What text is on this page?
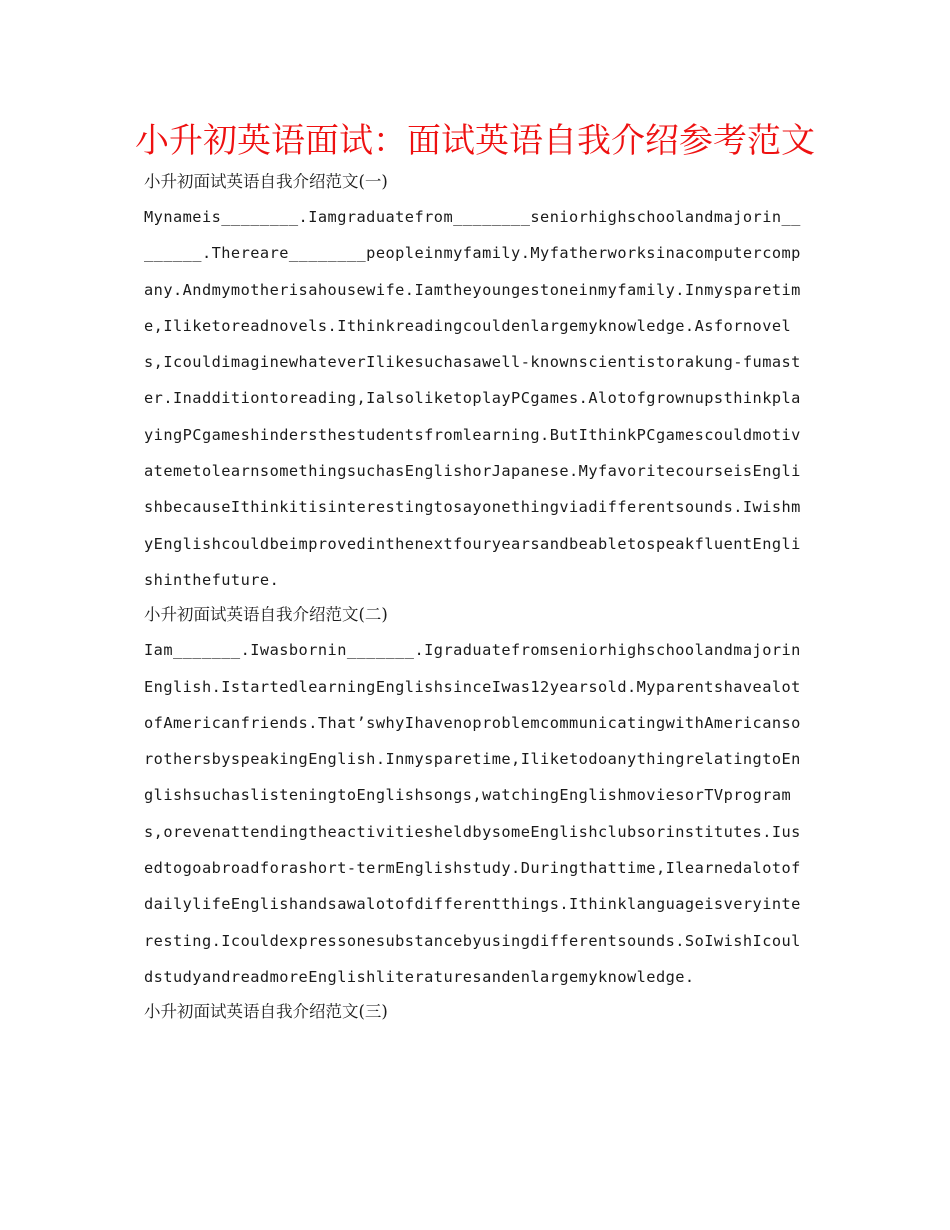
小升初英语面试：面试英语自我介绍参考范文
小升初面试英语自我介绍范文(一)
Mynameis________.Iamgraduatefrom________seniorhighschoolandmajorin________.Thereare________peopleinmyfamily.Myfatherworksinacomputercompany.Andmymotherisahousewife.Iamtheyoungestoneinmyfamily.Inmysparetime,Iliketoreadnovels.Ithinkreadingcouldenlargemyknowledge.Asfornovels,IcouldimaginewhateverIlikesuchasawell-knownscientistorakung-fumaster.Inadditiontoreading,IalsoliketoplayPCgames.AlotofgrownupsthinkplayingPCgameshindersthestudentsfromlearning.ButIthinkPCgamescouldmotivatemetolearnsomethingsuchasEnglishorJapanese.MyfavoritecourseisEnglishbecauseIthinkitisinterestingtosayonethingviadifferentsounds.IwishmyEnglishcouldbeimprovedinthenextfouryearsandbeabletospeakfluentEnglishinthefuture.
小升初面试英语自我介绍范文(二)
Iam_______.Iwasbornin_______.IgraduatefromseniorhighschoolandmajorinEnglish.IstartedlearningEnglishsinceIwas12yearsold.MyparentshavealotofAmericanfriends.That’swhyIhavenoproblemcommunicatingwithAmericansorothersbyspeakingEnglish.Inmysparetime,IliketodoanythingrelatingtoEnglishsuchaslisteningtoEnglishsongs,watchingEnglishmoviesorTVprograms,orevenattendingtheactivitiesheldbysomeEnglishclubsorinstitutes.Iusedtogoabroadforashort-termEnglishstudy.Duringthattime,IlearnedalotofdailylifeEnglishandsawalotofdifferentthings.Ithinklanguageisveryinteresting.Icouldexpressonesubstancebyusingdifferentsounds.SoIwishIcouldstudyandreadmoreEnglishliteraturesandenlargemyknowledge.
小升初面试英语自我介绍范文(三)
